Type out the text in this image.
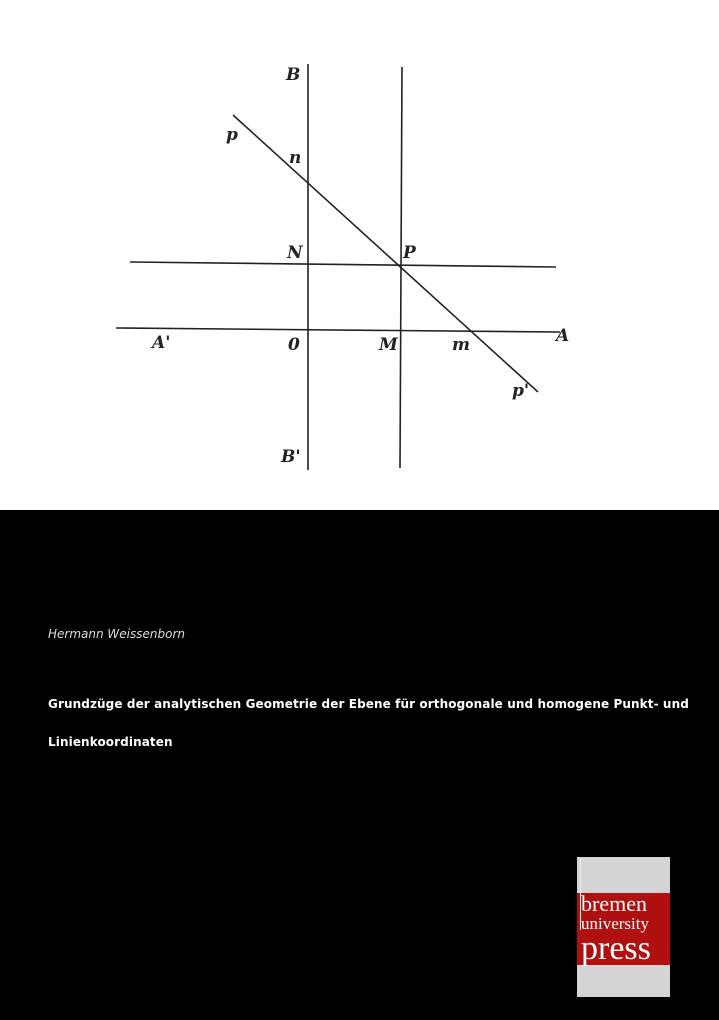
B
p
n
N	P
A'	0	M	m	A
p'
B'
Hermann Weissenborn
Grundzüge der analytischen Geometrie der Ebene für orthogonale und homogene Punkt- und
Linienkoordinaten
bremen
university
press
